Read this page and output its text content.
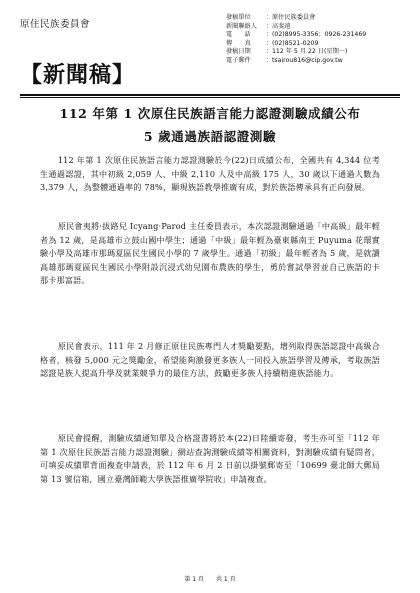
原住民族委員會
【新聞稿】
發稿單位	： 原住民族委員會
新聞聯絡人	： 高斐遠
電　　話	： (02)8995-3356；0926-231469
傳　　真	： (02)8521-0209
發稿日期	： 112 年 5 月 22 日(星期一)
電子郵件	： tsairou816@cip.gov.tw
112 年第 1 次原住民族語言能力認證測驗成績公布
5 歲通過族語認證測驗

112 年第 1 次原住民族語言能力認證測驗於今(22)日成績公布，全國共有 4,344 位考生通過認證，其中初級 2,059 人、中級 2,110 人及中高級 175 人，30 歲以下通過人數為 3,379 人，為整體通過率的 78%，顯現族語教學推廣有成，對於族語傳承具有正向發展。

原民會夷將·拔路兒 Icyang·Parod 主任委員表示，本次認證測驗通過「中高級」最年輕者為 12 歲，是高雄市立鼓山國中學生；通過「中級」最年輕為臺東縣南王 Puyuma 花環實驗小學及高雄市那瑪夏區民生國民小學的 7 歲學生。通過「初級」最年輕者為 5 歲，是就讀高雄那瑪夏區民生國民小學附設沉浸式幼兒園布農族的學生，勇於嘗試學習並自己族語的卡那卡那富語。

原民會表示，111 年 2 月修正原住民族專門人才獎勵要點，增列取得族語認證中高級合格者，核發 5,000 元之獎勵金，希望能夠激發更多族人一同投入族語學習及傳承，考取族語認證是族人提高升學及就業競爭力的最佳方法，鼓勵更多族人持續精進族語能力。

原民會提醒，測驗成績通知單及合格證書將於本(22)日陸續寄發，考生亦可至「112 年第 1 次原住民族語言能力認證測驗」網站查詢測驗成績等相關資料，對測驗成績有疑問者，可填妥成績單背面複查申請表，於 112 年 6 月 2 日前以掛號郵寄至「10699 臺北師大郵局第 13 號信箱，國立臺灣師範大學族語推廣學院收」申請複查。

第 1 頁　　共 1 頁
